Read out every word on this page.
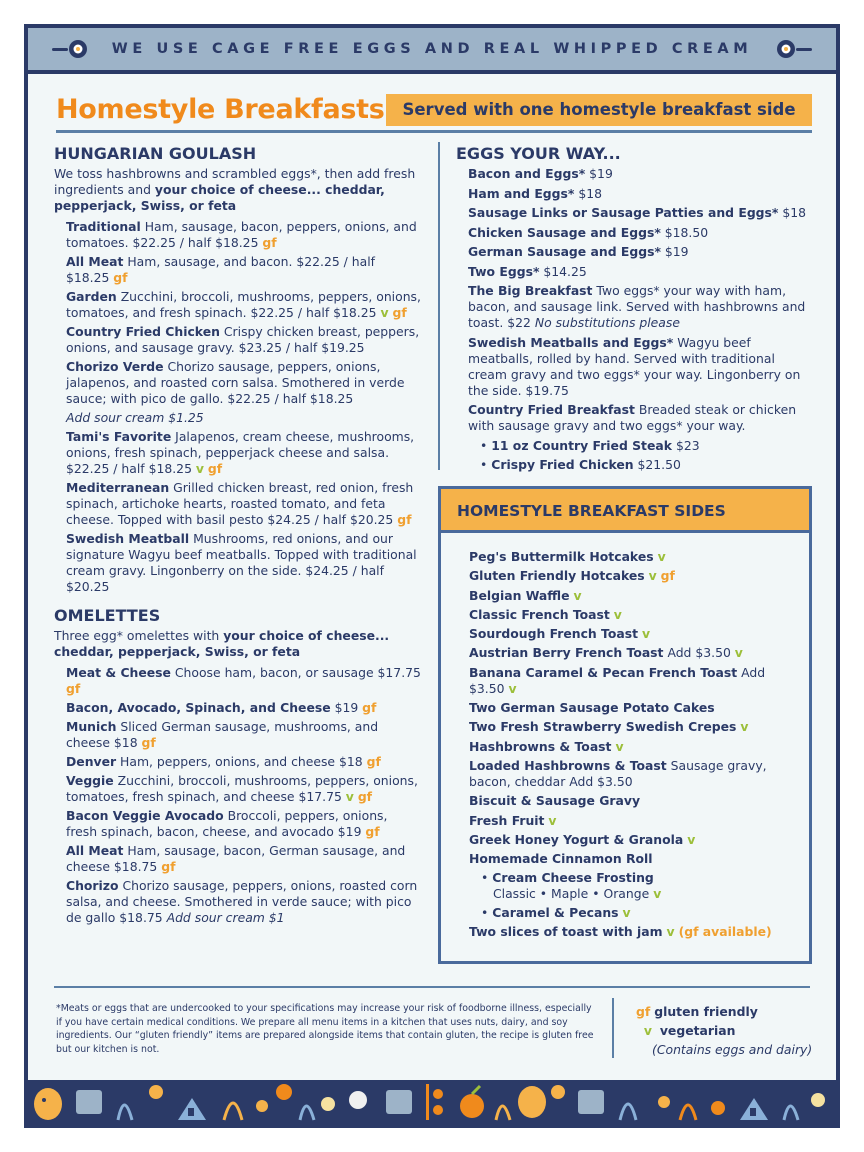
WE USE CAGE FREE EGGS AND REAL WHIPPED CREAM
Homestyle Breakfasts	Served with one homestyle breakfast side
HUNGARIAN GOULASH
We toss hashbrowns and scrambled eggs*, then add fresh ingredients and your choice of cheese... cheddar, pepperjack, Swiss, or feta
Traditional Ham, sausage, bacon, peppers, onions, and tomatoes. $22.25 / half $18.25 gf
All Meat Ham, sausage, and bacon. $22.25 / half $18.25 gf
Garden Zucchini, broccoli, mushrooms, peppers, onions, tomatoes, and fresh spinach. $22.25 / half $18.25 v gf
Country Fried Chicken Crispy chicken breast, peppers, onions, and sausage gravy. $23.25 / half $19.25
Chorizo Verde Chorizo sausage, peppers, onions, jalapenos, and roasted corn salsa. Smothered in verde sauce; with pico de gallo. $22.25 / half $18.25
Add sour cream $1.25
Tami's Favorite Jalapenos, cream cheese, mushrooms, onions, fresh spinach, pepperjack cheese and salsa. $22.25 / half $18.25 v gf
Mediterranean Grilled chicken breast, red onion, fresh spinach, artichoke hearts, roasted tomato, and feta cheese. Topped with basil pesto $24.25 / half $20.25 gf
Swedish Meatball Mushrooms, red onions, and our signature Wagyu beef meatballs. Topped with traditional cream gravy. Lingonberry on the side. $24.25 / half $20.25
OMELETTES
Three egg* omelettes with your choice of cheese... cheddar, pepperjack, Swiss, or feta
Meat & Cheese Choose ham, bacon, or sausage $17.75 gf
Bacon, Avocado, Spinach, and Cheese $19 gf
Munich Sliced German sausage, mushrooms, and cheese $18 gf
Denver Ham, peppers, onions, and cheese $18 gf
Veggie Zucchini, broccoli, mushrooms, peppers, onions, tomatoes, fresh spinach, and cheese $17.75 v gf
Bacon Veggie Avocado Broccoli, peppers, onions, fresh spinach, bacon, cheese, and avocado $19 gf
All Meat Ham, sausage, bacon, German sausage, and cheese $18.75 gf
Chorizo Chorizo sausage, peppers, onions, roasted corn salsa, and cheese. Smothered in verde sauce; with pico de gallo $18.75 Add sour cream $1
EGGS YOUR WAY...
Bacon and Eggs* $19
Ham and Eggs* $18
Sausage Links or Sausage Patties and Eggs* $18
Chicken Sausage and Eggs* $18.50
German Sausage and Eggs* $19
Two Eggs* $14.25
The Big Breakfast Two eggs* your way with ham, bacon, and sausage link. Served with hashbrowns and toast. $22 No substitutions please
Swedish Meatballs and Eggs* Wagyu beef meatballs, rolled by hand. Served with traditional cream gravy and two eggs* your way. Lingonberry on the side. $19.75
Country Fried Breakfast Breaded steak or chicken with sausage gravy and two eggs* your way.
• 11 oz Country Fried Steak $23
• Crispy Fried Chicken $21.50
HOMESTYLE BREAKFAST SIDES
Peg's Buttermilk Hotcakes v
Gluten Friendly Hotcakes v gf
Belgian Waffle v
Classic French Toast v
Sourdough French Toast v
Austrian Berry French Toast Add $3.50 v
Banana Caramel & Pecan French Toast Add $3.50 v
Two German Sausage Potato Cakes
Two Fresh Strawberry Swedish Crepes v
Hashbrowns & Toast v
Loaded Hashbrowns & Toast Sausage gravy, bacon, cheddar Add $3.50
Biscuit & Sausage Gravy
Fresh Fruit v
Greek Honey Yogurt & Granola v
Homemade Cinnamon Roll
• Cream Cheese Frosting
Classic • Maple • Orange v
• Caramel & Pecans v
Two slices of toast with jam v (gf available)
*Meats or eggs that are undercooked to your specifications may increase your risk of foodborne illness, especially if you have certain medical conditions. We prepare all menu items in a kitchen that uses nuts, dairy, and soy ingredients. Our “gluten friendly” items are prepared alongside items that contain gluten, the recipe is gluten free but our kitchen is not.
gf gluten friendly
v vegetarian
(Contains eggs and dairy)
